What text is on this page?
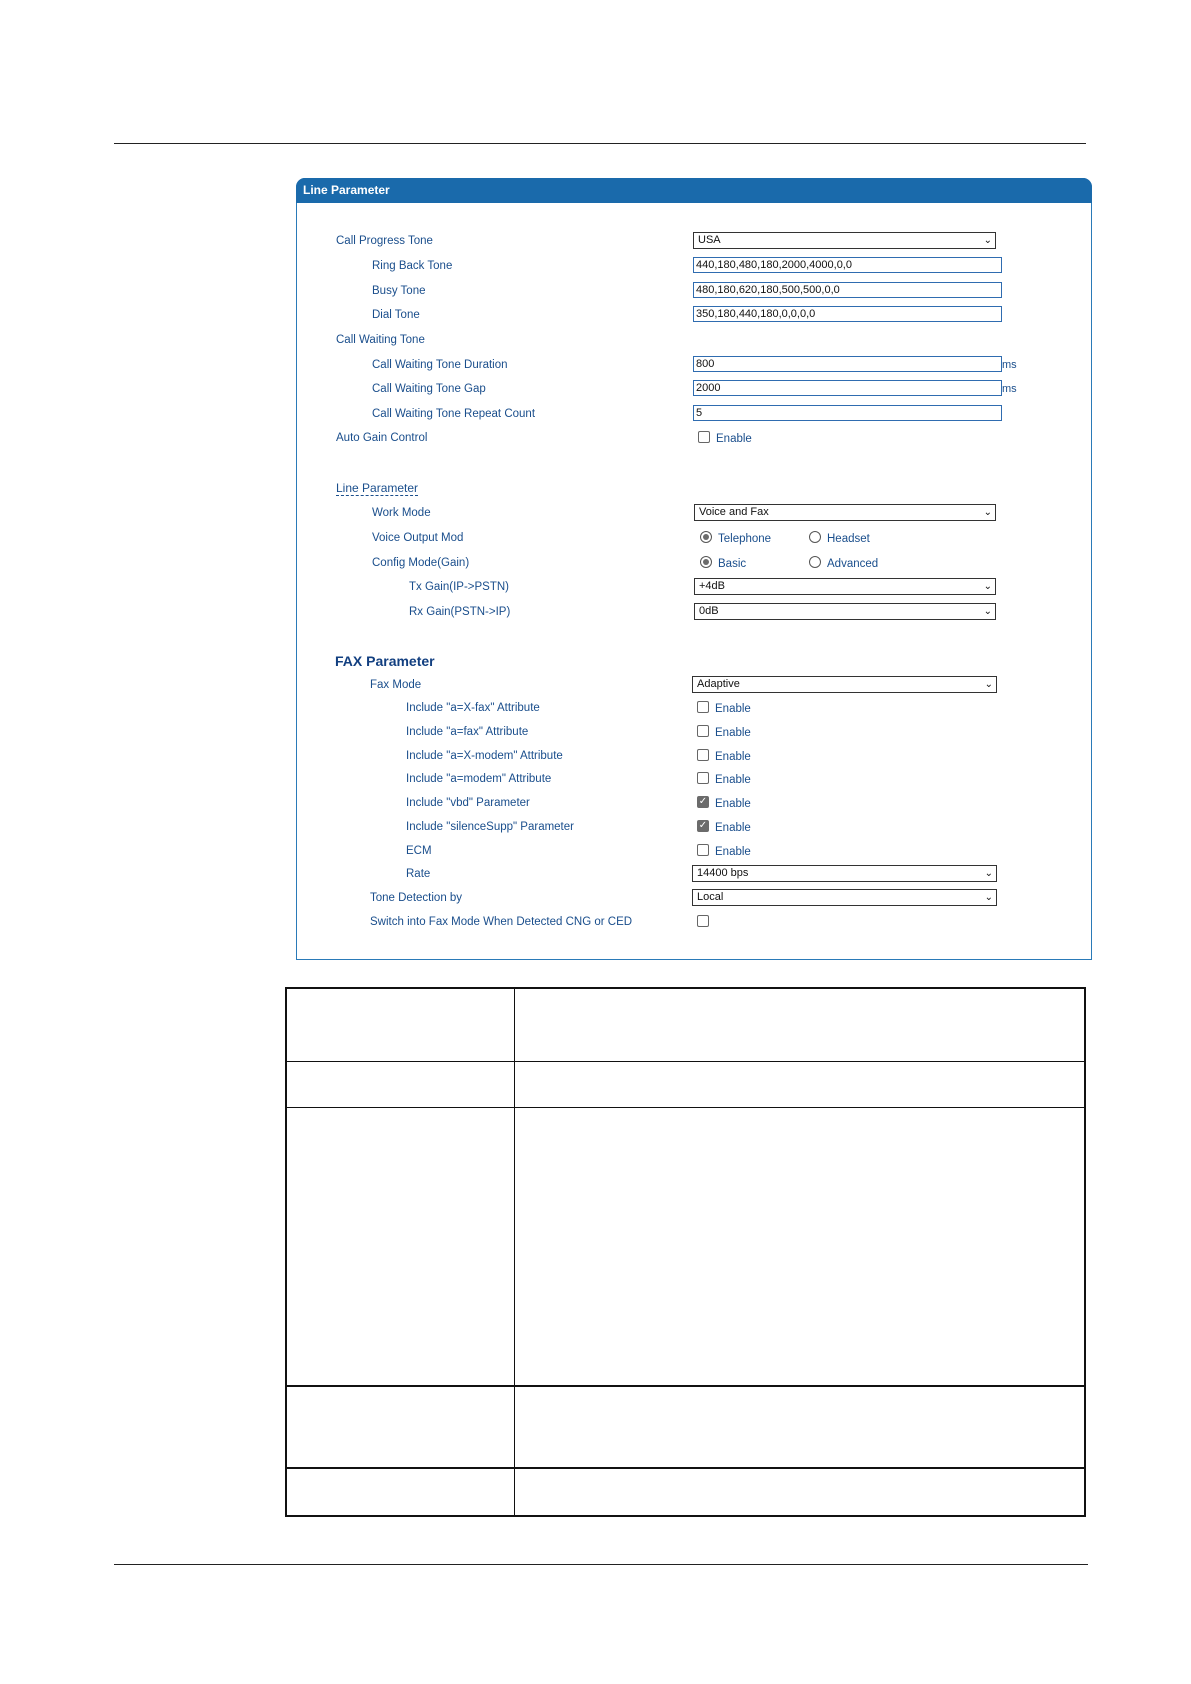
Line Parameter
Call Progress Tone	USA	⌄
Ring Back Tone	440,180,480,180,2000,4000,0,0
Busy Tone	480,180,620,180,500,500,0,0
Dial Tone	350,180,440,180,0,0,0,0
Call Waiting Tone
Call Waiting Tone Duration	800	ms
Call Waiting Tone Gap	2000	ms
Call Waiting Tone Repeat Count	5
Auto Gain Control	Enable
Line Parameter
Work Mode	Voice and Fax	⌄
Voice Output Mod	Telephone	Headset
Config Mode(Gain)	Basic	Advanced
Tx Gain(IP->PSTN)	+4dB	⌄
Rx Gain(PSTN->IP)	0dB	⌄
FAX Parameter
Fax Mode	Adaptive	⌄
Rate	14400 bps	⌄
Tone Detection by	Local	⌄
Switch into Fax Mode When Detected CNG or CED
Include "a=X-fax" Attribute	Enable
Include "a=fax" Attribute	Enable
Include "a=X-modem" Attribute	Enable
Include "a=modem" Attribute	Enable
Include "vbd" Parameter	✓ Enable
Include "silenceSupp" Parameter	✓ Enable
ECM	Enable
